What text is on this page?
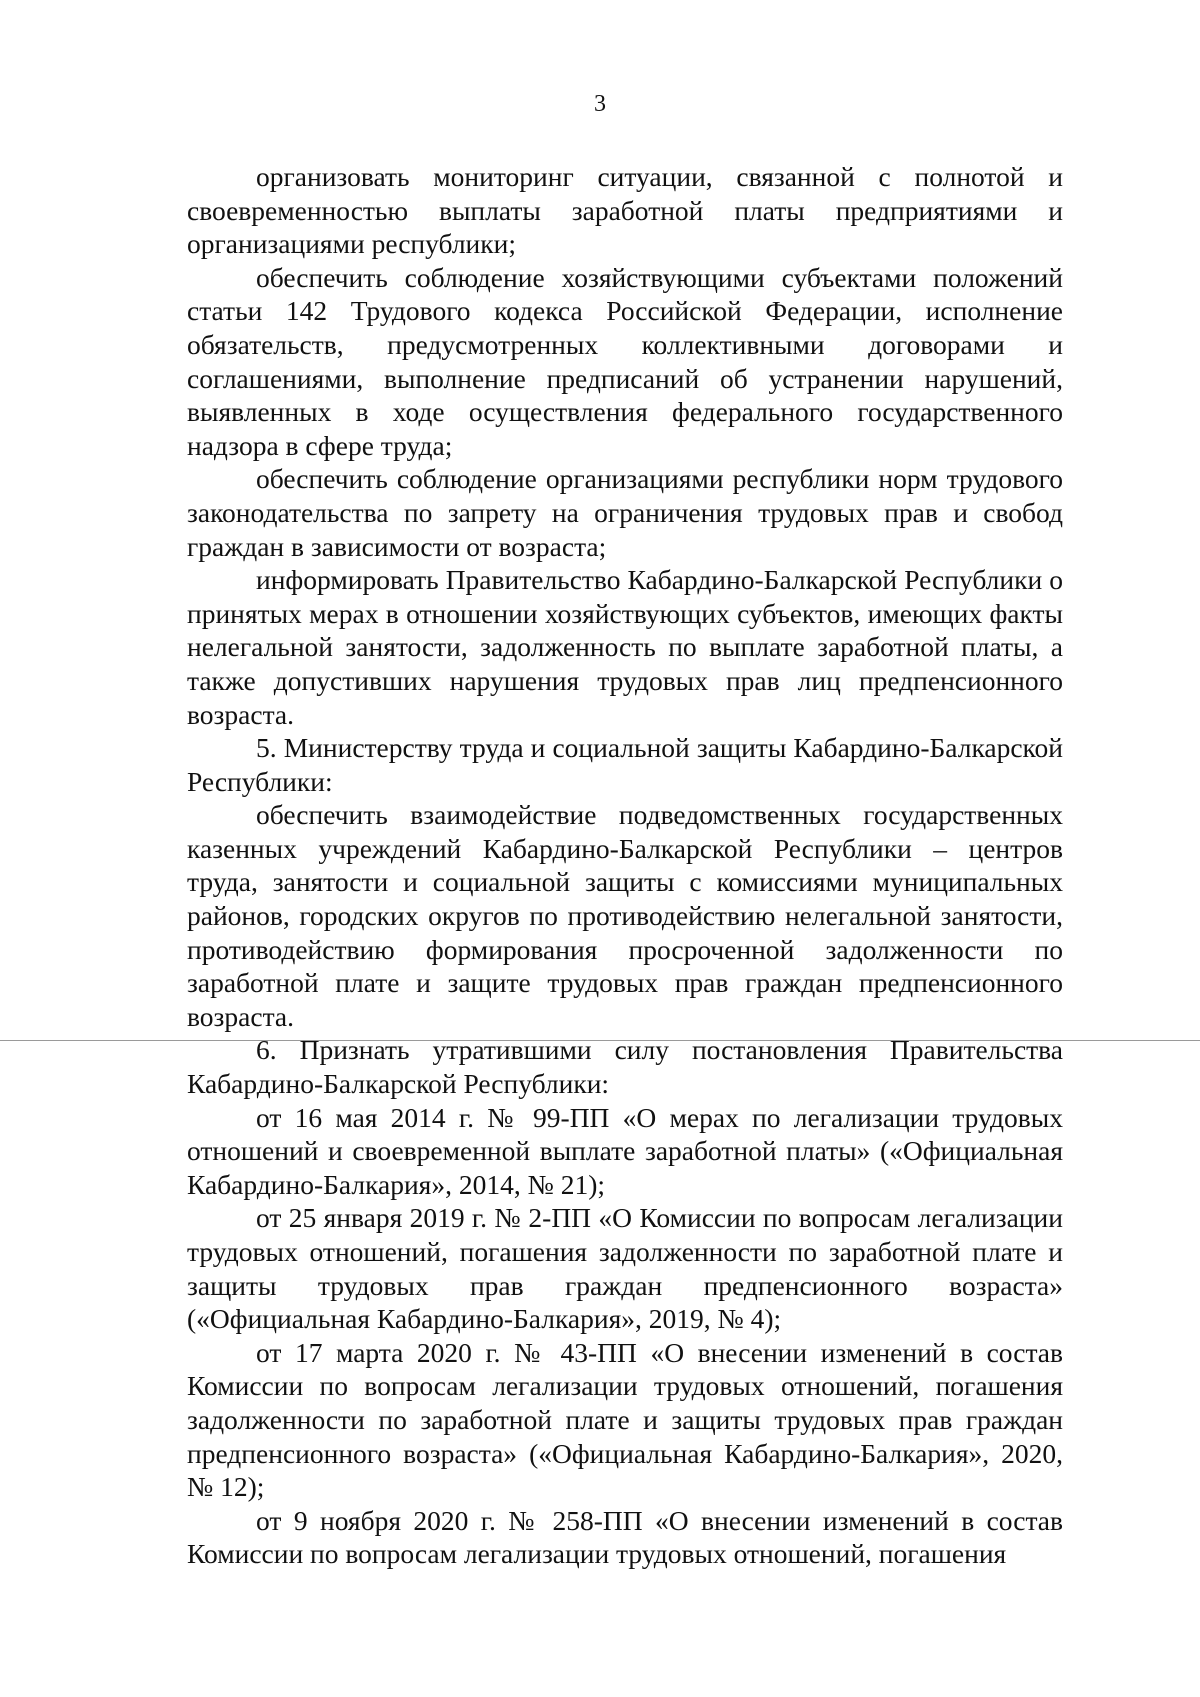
3

организовать мониторинг ситуации, связанной с полнотой и своевременностью выплаты заработной платы предприятиями и организациями республики;

обеспечить соблюдение хозяйствующими субъектами положений статьи 142 Трудового кодекса Российской Федерации, исполнение обязательств, предусмотренных коллективными договорами и соглашениями, выполнение предписаний об устранении нарушений, выявленных в ходе осуществления федерального государственного надзора в сфере труда;

обеспечить соблюдение организациями республики норм трудового законодательства по запрету на ограничения трудовых прав и свобод граждан в зависимости от возраста;

информировать Правительство Кабардино-Балкарской Республики о принятых мерах в отношении хозяйствующих субъектов, имеющих факты нелегальной занятости, задолженность по выплате заработной платы, а также допустивших нарушения трудовых прав лиц предпенсионного возраста.

5. Министерству труда и социальной защиты Кабардино-Балкарской Республики:

обеспечить взаимодействие подведомственных государственных казенных учреждений Кабардино-Балкарской Республики – центров труда, занятости и социальной защиты с комиссиями муниципальных районов, городских округов по противодействию нелегальной занятости, противодействию формирования просроченной задолженности по заработной плате и защите трудовых прав граждан предпенсионного возраста.

6. Признать утратившими силу постановления Правительства Кабардино-Балкарской Республики:

от 16 мая 2014 г. № 99-ПП «О мерах по легализации трудовых отношений и своевременной выплате заработной платы» («Официальная Кабардино-Балкария», 2014, № 21);

от 25 января 2019 г. № 2-ПП «О Комиссии по вопросам легализации трудовых отношений, погашения задолженности по заработной плате и защиты трудовых прав граждан предпенсионного возраста» («Официальная Кабардино-Балкария», 2019, № 4);

от 17 марта 2020 г. № 43-ПП «О внесении изменений в состав Комиссии по вопросам легализации трудовых отношений, погашения задолженности по заработной плате и защиты трудовых прав граждан предпенсионного возраста» («Официальная Кабардино-Балкария», 2020, № 12);

от 9 ноября 2020 г. № 258-ПП «О внесении изменений в состав Комиссии по вопросам легализации трудовых отношений, погашения
